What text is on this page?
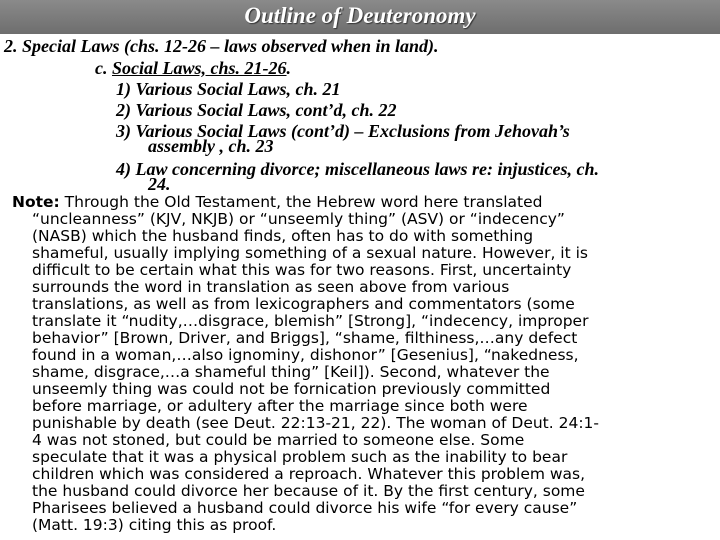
Outline of Deuteronomy
2. Special Laws (chs. 12-26 – laws observed when in land).
c. Social Laws, chs. 21-26.
1) Various Social Laws, ch. 21
2) Various Social Laws, cont’d, ch. 22
3) Various Social Laws (cont’d) – Exclusions from Jehovah’s
assembly , ch. 23
4) Law concerning divorce; miscellaneous laws re: injustices, ch.
24.
Note: Through the Old Testament, the Hebrew word here translated
“uncleanness” (KJV, NKJB) or “unseemly thing” (ASV) or “indecency”
(NASB) which the husband finds, often has to do with something
shameful, usually implying something of a sexual nature. However, it is
difficult to be certain what this was for two reasons. First, uncertainty
surrounds the word in translation as seen above from various
translations, as well as from lexicographers and commentators (some
translate it “nudity,…disgrace, blemish” [Strong], “indecency, improper
behavior” [Brown, Driver, and Briggs], “shame, filthiness,…any defect
found in a woman,…also ignominy, dishonor” [Gesenius], “nakedness,
shame, disgrace,…a shameful thing” [Keil]). Second, whatever the
unseemly thing was could not be fornication previously committed
before marriage, or adultery after the marriage since both were
punishable by death (see Deut. 22:13-21, 22). The woman of Deut. 24:1-
4 was not stoned, but could be married to someone else. Some
speculate that it was a physical problem such as the inability to bear
children which was considered a reproach. Whatever this problem was,
the husband could divorce her because of it. By the first century, some
Pharisees believed a husband could divorce his wife “for every cause”
(Matt. 19:3) citing this as proof.
